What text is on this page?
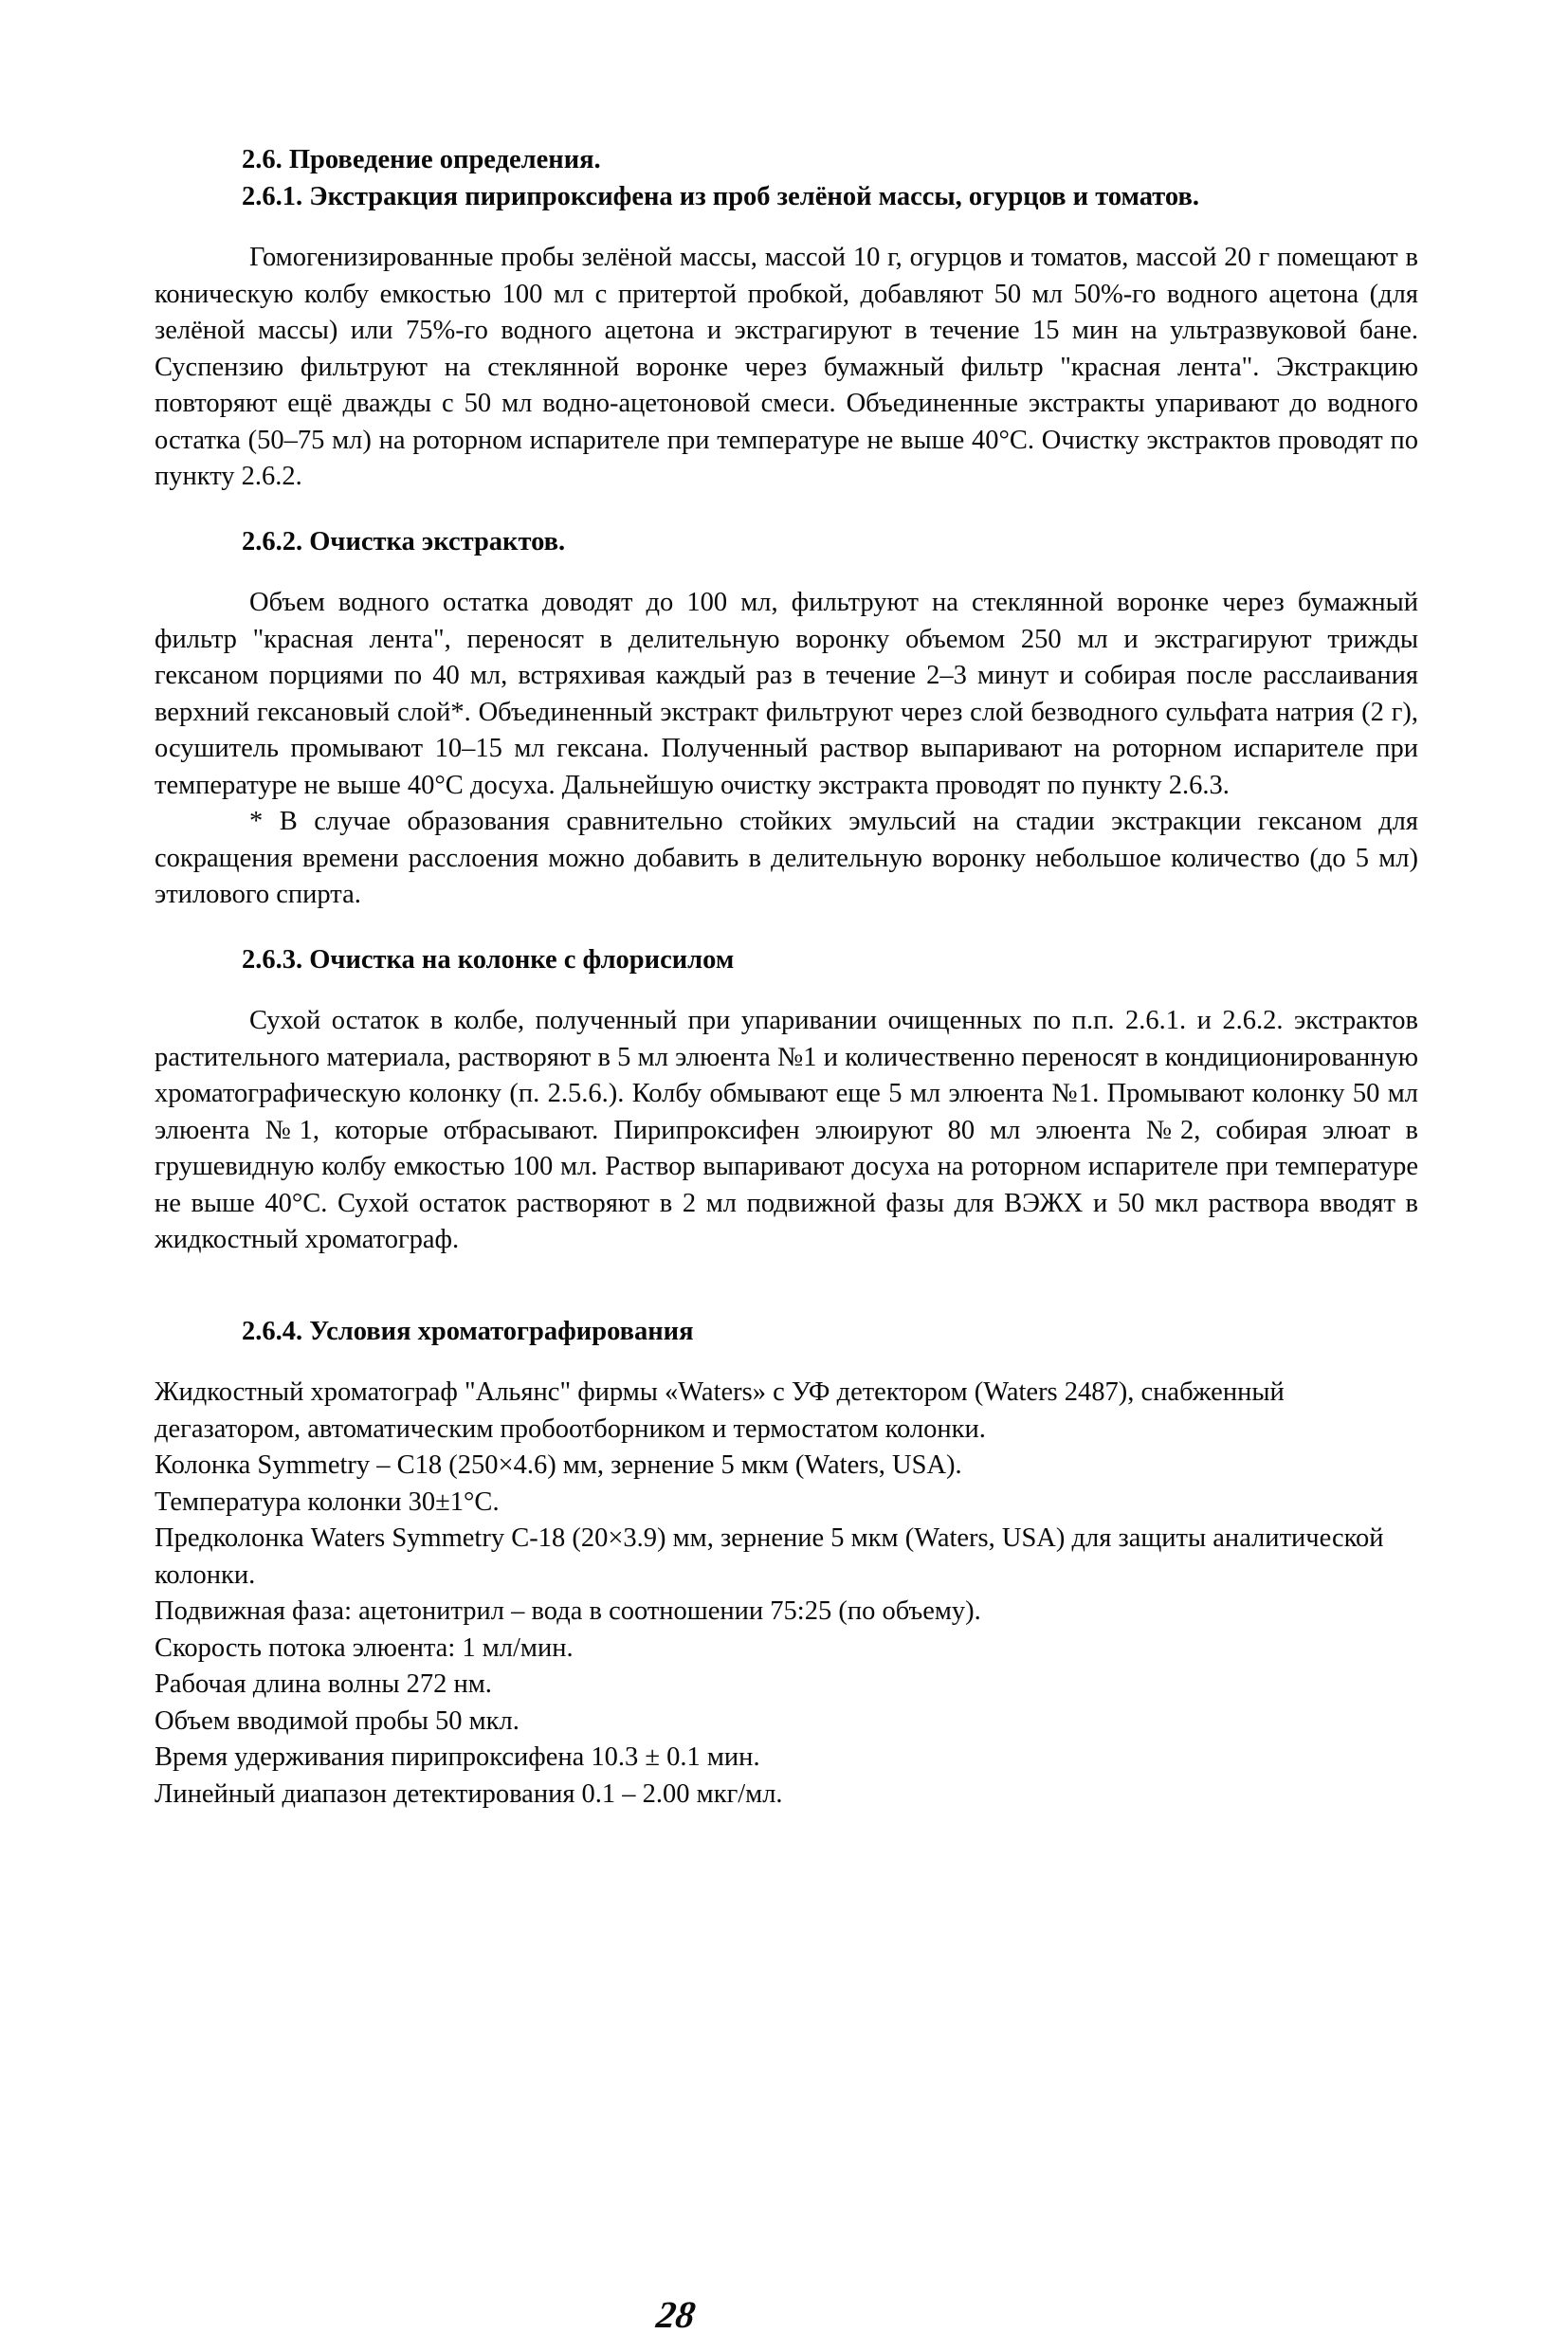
2.6. Проведение определения.

2.6.1. Экстракция пирипроксифена из проб зелёной массы, огурцов и томатов.

Гомогенизированные пробы зелёной массы, массой 10 г, огурцов и томатов, массой 20 г помещают в коническую колбу емкостью 100 мл с притертой пробкой, добавляют 50 мл 50%-го водного ацетона (для зелёной массы) или 75%-го водного ацетона и экстрагируют в течение 15 мин на ультразвуковой бане. Суспензию фильтруют на стеклянной воронке через бумажный фильтр "красная лента". Экстракцию повторяют ещё дважды с 50 мл водно-ацетоновой смеси. Объединенные экстракты упаривают до водного остатка (50–75 мл) на роторном испарителе при температуре не выше 40°C. Очистку экстрактов проводят по пункту 2.6.2.

2.6.2. Очистка экстрактов.

Объем водного остатка доводят до 100 мл, фильтруют на стеклянной воронке через бумажный фильтр "красная лента", переносят в делительную воронку объемом 250 мл и экстрагируют трижды гексаном порциями по 40 мл, встряхивая каждый раз в течение 2–3 минут и собирая после расслаивания верхний гексановый слой*. Объединенный экстракт фильтруют через слой безводного сульфата натрия (2 г), осушитель промывают 10–15 мл гексана. Полученный раствор выпаривают на роторном испарителе при температуре не выше 40°C досуха. Дальнейшую очистку экстракта проводят по пункту 2.6.3.

* В случае образования сравнительно стойких эмульсий на стадии экстракции гексаном для сокращения времени расслоения можно добавить в делительную воронку небольшое количество (до 5 мл) этилового спирта.

2.6.3. Очистка на колонке с флорисилом

Сухой остаток в колбе, полученный при упаривании очищенных по п.п. 2.6.1. и 2.6.2. экстрактов растительного материала, растворяют в 5 мл элюента №1 и количественно переносят в кондиционированную хроматографическую колонку (п. 2.5.6.). Колбу обмывают еще 5 мл элюента №1. Промывают колонку 50 мл элюента №1, которые отбрасывают. Пирипроксифен элюируют 80 мл элюента №2, собирая элюат в грушевидную колбу емкостью 100 мл. Раствор выпаривают досуха на роторном испарителе при температуре не выше 40°C. Сухой остаток растворяют в 2 мл подвижной фазы для ВЭЖХ и 50 мкл раствора вводят в жидкостный хроматограф.

2.6.4. Условия хроматографирования

Жидкостный хроматограф "Альянс" фирмы «Waters» с УФ детектором (Waters 2487), снабженный дегазатором, автоматическим пробоотборником и термостатом колонки.

Колонка Symmetry – C18 (250×4.6) мм, зернение 5 мкм (Waters, USA).

Температура колонки 30±1°C.

Предколонка Waters Symmetry C-18 (20×3.9) мм, зернение 5 мкм (Waters, USA) для защиты аналитической колонки.

Подвижная фаза: ацетонитрил – вода в соотношении 75:25 (по объему).

Скорость потока элюента: 1 мл/мин.

Рабочая длина волны 272 нм.

Объем вводимой пробы 50 мкл.

Время удерживания пирипроксифена 10.3 ± 0.1 мин.

Линейный диапазон детектирования 0.1 – 2.00 мкг/мл.

28
